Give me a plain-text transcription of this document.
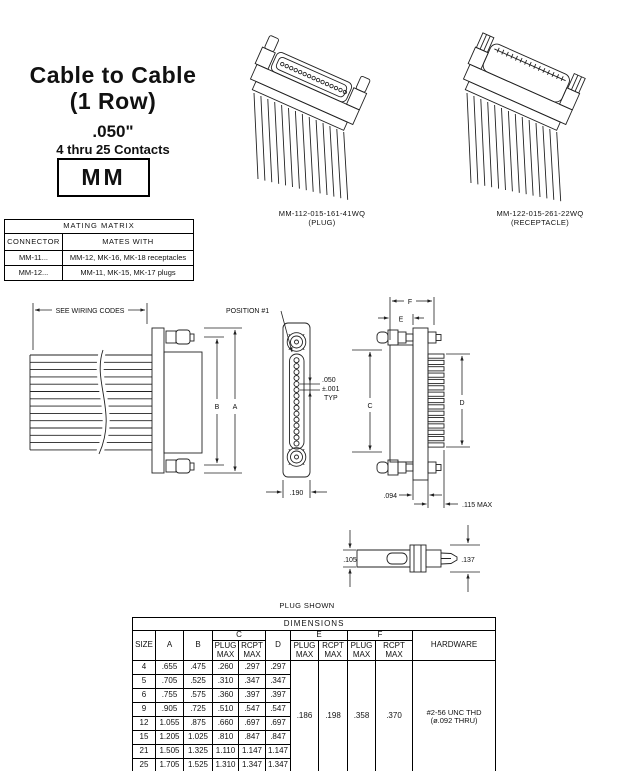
Cable to Cable
(1 Row)
.050"
4 thru 25 Contacts
MM
MATING MATRIX	
CONNECTOR	MATES WITH
MM-11...	MM-12, MK-16, MK-18 receptacles
MM-12...	MM-11, MK-15, MK-17 plugs
MM-112-015-161-41WQ
(PLUG)
MM-122-015-261-22WQ
(RECEPTACLE)
SEE WIRING CODES
B A
POSITION #1
.050
±.001
TYP
.190
C
F
E
D
.094
.115 MAX
.105	.137
PLUG SHOWN
DIMENSIONS										
SIZE	A	B	C		D	E		F		HARDWARE
			PLUG MAX	RCPT MAX		PLUG MAX	RCPT MAX	PLUG MAX	RCPT MAX	
4	.655	.475	.260	.297	.297	.186	.198	.358	.370	#2-56 UNC THD
(ø.092 THRU)

5	.705	.525	.310	.347	.347					
6	.755	.575	.360	.397	.397					
9	.905	.725	.510	.547	.547					
12	1.055	.875	.660	.697	.697					
15	1.205	1.025	.810	.847	.847					
21	1.505	1.325	1.110	1.147	1.147					
25	1.705	1.525	1.310	1.347	1.347					
